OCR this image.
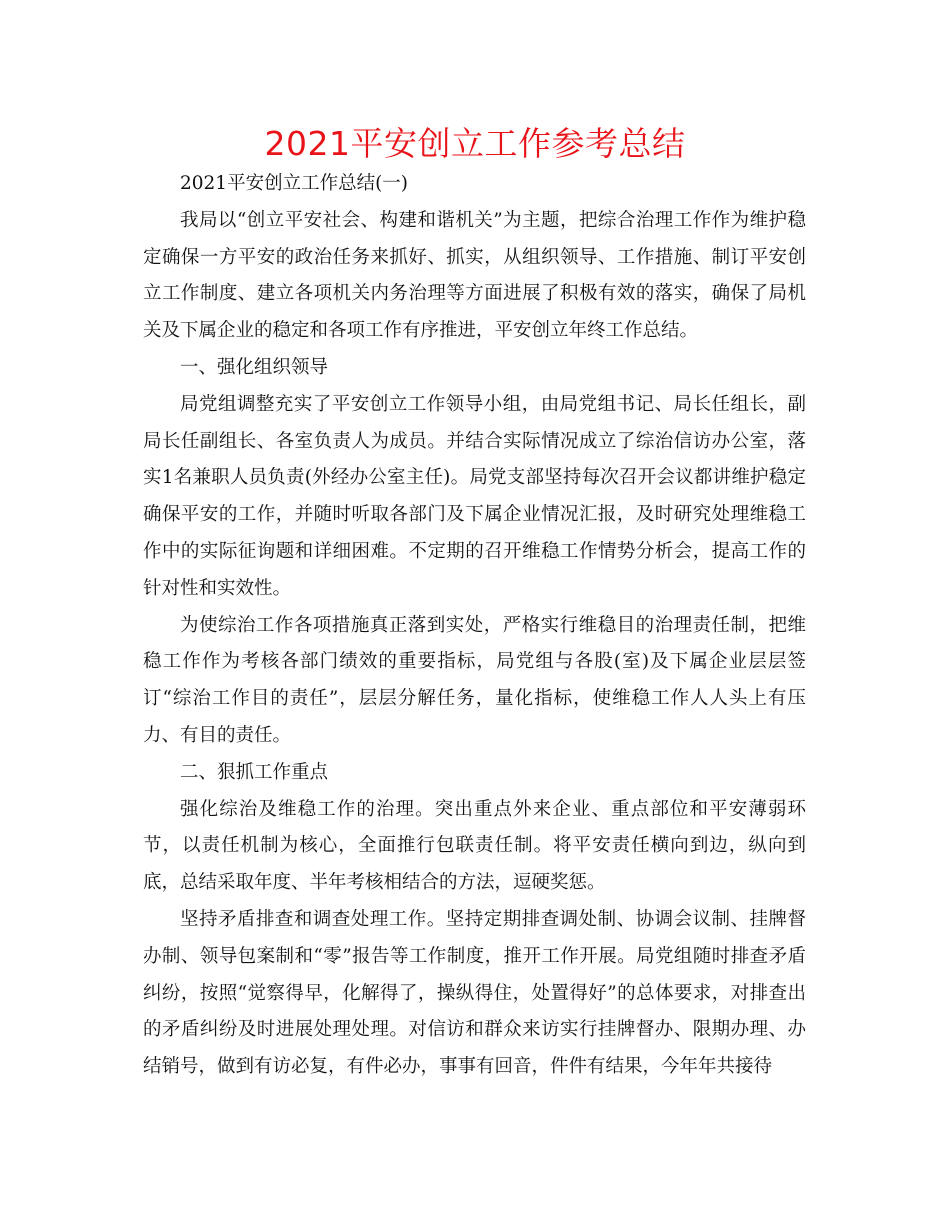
2021平安创立工作参考总结

2021平安创立工作总结(一)

我局以“创立平安社会、构建和谐机关”为主题，把综合治理工作作为维护稳定确保一方平安的政治任务来抓好、抓实，从组织领导、工作措施、制订平安创立工作制度、建立各项机关内务治理等方面进展了积极有效的落实，确保了局机关及下属企业的稳定和各项工作有序推进，平安创立年终工作总结。

一、强化组织领导

局党组调整充实了平安创立工作领导小组，由局党组书记、局长任组长，副局长任副组长、各室负责人为成员。并结合实际情况成立了综治信访办公室，落实1名兼职人员负责(外经办公室主任)。局党支部坚持每次召开会议都讲维护稳定确保平安的工作，并随时听取各部门及下属企业情况汇报，及时研究处理维稳工作中的实际征询题和详细困难。不定期的召开维稳工作情势分析会，提高工作的针对性和实效性。

为使综治工作各项措施真正落到实处，严格实行维稳目的治理责任制，把维稳工作作为考核各部门绩效的重要指标，局党组与各股(室)及下属企业层层签订“综治工作目的责任”，层层分解任务，量化指标，使维稳工作人人头上有压力、有目的责任。

二、狠抓工作重点

强化综治及维稳工作的治理。突出重点外来企业、重点部位和平安薄弱环节，以责任机制为核心，全面推行包联责任制。将平安责任横向到边，纵向到底，总结采取年度、半年考核相结合的方法，逗硬奖惩。

坚持矛盾排查和调查处理工作。坚持定期排查调处制、协调会议制、挂牌督办制、领导包案制和“零”报告等工作制度，推开工作开展。局党组随时排查矛盾纠纷，按照“觉察得早，化解得了，操纵得住，处置得好”的总体要求，对排查出的矛盾纠纷及时进展处理处理。对信访和群众来访实行挂牌督办、限期办理、办结销号，做到有访必复，有件必办，事事有回音，件件有结果，今年年共接待
